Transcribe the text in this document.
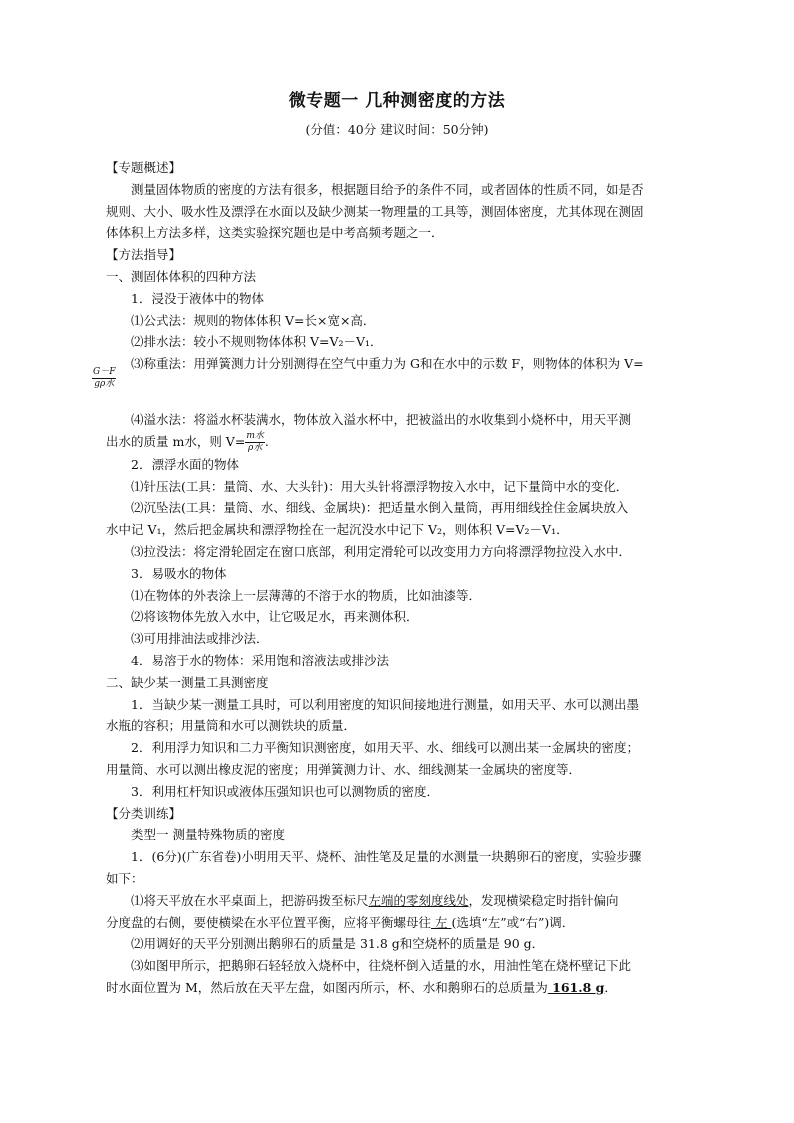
微专题一 几种测密度的方法
(分值：40分 建议时间：50分钟)

【专题概述】

测量固体物质的密度的方法有很多，根据题目给予的条件不同，或者固体的性质不同，如是否

规则、大小、吸水性及漂浮在水面以及缺少测某一物理量的工具等，测固体密度，尤其体现在测固

体体积上方法多样，这类实验探究题也是中考高频考题之一．

【方法指导】

一、测固体体积的四种方法

1．浸没于液体中的物体

⑴公式法：规则的物体体积 V=长×宽×高．

⑵排水法：较小不规则物体体积 V=V₂－V₁．

⑶称重法：用弹簧测力计分别测得在空气中重力为 G和在水中的示数 F，则物体的体积为 V=

G－F
gρ水

⑷溢水法：将溢水杯装满水，物体放入溢水杯中，把被溢出的水收集到小烧杯中，用天平测

出水的质量 m水，则 $V= \frac{\text{m水}}{\text{ρ水}}$ .

2．漂浮水面的物体

⑴针压法(工具：量筒、水、大头针)：用大头针将漂浮物按入水中，记下量筒中水的变化．

⑵沉坠法(工具：量筒、水、细线、金属块)：把适量水倒入量筒，再用细线拴住金属块放入

水中记 V₁，然后把金属块和漂浮物拴在一起沉没水中记下 V₂，则体积 V=V₂－V₁．

⑶拉没法：将定滑轮固定在窗口底部，利用定滑轮可以改变用力方向将漂浮物拉没入水中．

3．易吸水的物体

⑴在物体的外表涂上一层薄薄的不溶于水的物质，比如油漆等．

⑵将该物体先放入水中，让它吸足水，再来测体积．

⑶可用排油法或排沙法．

4．易溶于水的物体：采用饱和溶液法或排沙法

二、缺少某一测量工具测密度

1．当缺少某一测量工具时，可以利用密度的知识间接地进行测量，如用天平、水可以测出墨

水瓶的容积；用量筒和水可以测铁块的质量．

2．利用浮力知识和二力平衡知识测密度，如用天平、水、细线可以测出某一金属块的密度；

用量筒、水可以测出橡皮泥的密度；用弹簧测力计、水、细线测某一金属块的密度等．

3．利用杠杆知识或液体压强知识也可以测物质的密度．

【分类训练】

类型一 测量特殊物质的密度

1．(6分)(广东省卷)小明用天平、烧杯、油性笔及足量的水测量一块鹅卵石的密度，实验步骤

如下：

⑴将天平放在水平桌面上，把游码拨至标尺左端的零刻度线处，发现横梁稳定时指针偏向

分度盘的右侧，要使横梁在水平位置平衡，应将平衡螺母往 左 (选填“左”或“右”)调．

⑵用调好的天平分别测出鹅卵石的质量是 31.8 g和空烧杯的质量是 90 g．

⑶如图甲所示，把鹅卵石轻轻放入烧杯中，往烧杯倒入适量的水，用油性笔在烧杯壁记下此

时水面位置为 M，然后放在天平左盘，如图丙所示，杯、水和鹅卵石的总质量为 161.8 g．
